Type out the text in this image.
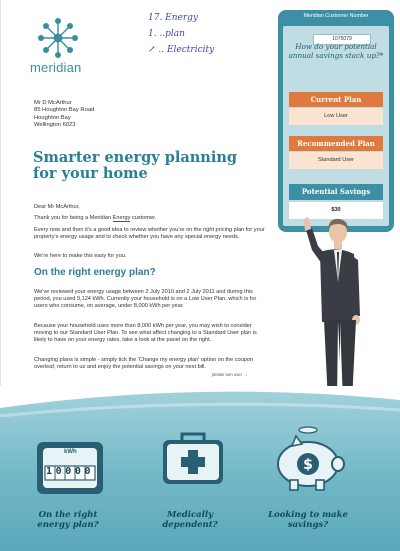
meridian
17. Energy
1. ..plan
↗ .. Electricity
Mr D McArthur
85 Houghton Bay Road
Houghton Bay
Wellington 6023
Smarter energy planning
for your home
Dear Mr McArthur,
Thank you for being a Meridian Energy customer.
Every now and then it's a good idea to review whether you're on the right pricing plan for your property's energy usage and to check whether you have any special energy needs.
We're here to make this easy for you.
On the right energy plan?
We've reviewed your energy usage between 2 July 2010 and 2 July 2011 and during this period, you used 9,124 kWh. Currently your household is on a Low User Plan, which is for users who consume, on average, under 8,000 kWh per year.
Because your household uses more than 8,000 kWh per year, you may wish to consider moving to our Standard User Plan. To see what affect changing to a Standard User plan is likely to have on your energy rates, take a look at the panel on the right.
Changing plans is simple - simply tick the 'Change my energy plan' option on the coupon overleaf, return to us and enjoy the potential savings on your next bill.
please turn over →
Meridian Customer Number
1075079
How do your potential annual savings stack up?*
Current Plan
Low User
Recommended Plan
Standard User
Potential Savings
$30
kWh
10000	$
On the right energy plan?
Medically dependent?
Looking to make savings?
